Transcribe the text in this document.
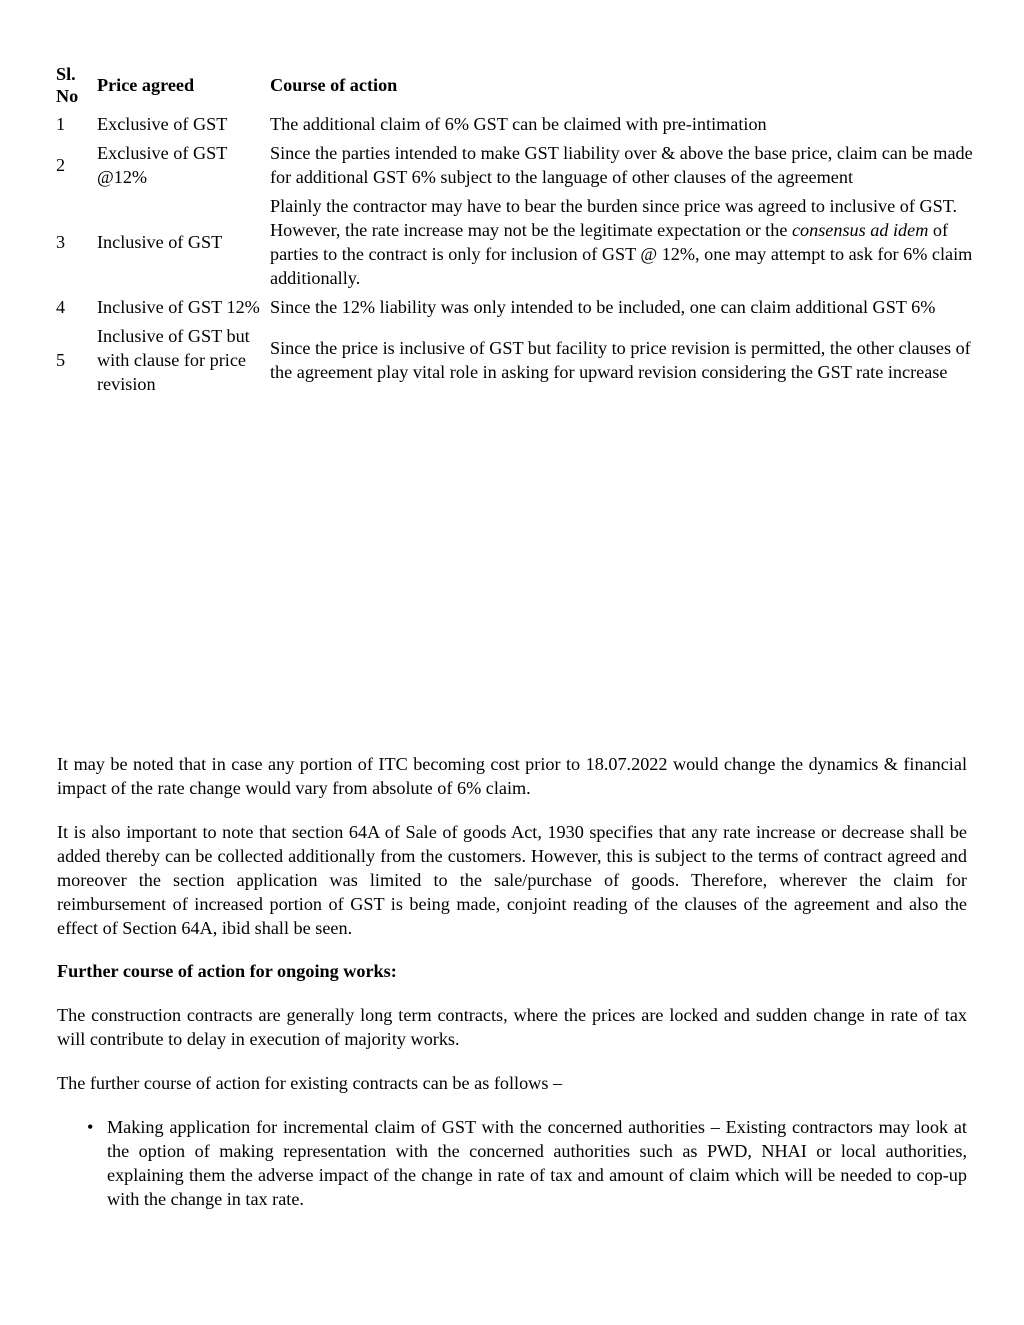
Sl. No	Price agreed	Course of action
1	Exclusive of GST	The additional claim of 6% GST can be claimed with pre-intimation
2	Exclusive of GST @12%	Since the parties intended to make GST liability over & above the base price, claim can be made for additional GST 6% subject to the language of other clauses of the agreement
3	Inclusive of GST	Plainly the contractor may have to bear the burden since price was agreed to inclusive of GST. However, the rate increase may not be the legitimate expectation or the consensus ad idem of parties to the contract is only for inclusion of GST @ 12%, one may attempt to ask for 6% claim additionally.
4	Inclusive of GST 12%	Since the 12% liability was only intended to be included, one can claim additional GST 6%
5	Inclusive of GST but with clause for price revision	Since the price is inclusive of GST but facility to price revision is permitted, the other clauses of the agreement play vital role in asking for upward revision considering the GST rate increase

It may be noted that in case any portion of ITC becoming cost prior to 18.07.2022 would change the dynamics & financial impact of the rate change would vary from absolute of 6% claim.

It is also important to note that section 64A of Sale of goods Act, 1930 specifies that any rate increase or decrease shall be added thereby can be collected additionally from the customers. However, this is subject to the terms of contract agreed and moreover the section application was limited to the sale/purchase of goods. Therefore, wherever the claim for reimbursement of increased portion of GST is being made, conjoint reading of the clauses of the agreement and also the effect of Section 64A, ibid shall be seen.

Further course of action for ongoing works:

The construction contracts are generally long term contracts, where the prices are locked and sudden change in rate of tax will contribute to delay in execution of majority works.

The further course of action for existing contracts can be as follows –

• Making application for incremental claim of GST with the concerned authorities – Existing contractors may look at the option of making representation with the concerned authorities such as PWD, NHAI or local authorities, explaining them the adverse impact of the change in rate of tax and amount of claim which will be needed to cop-up with the change in tax rate.
